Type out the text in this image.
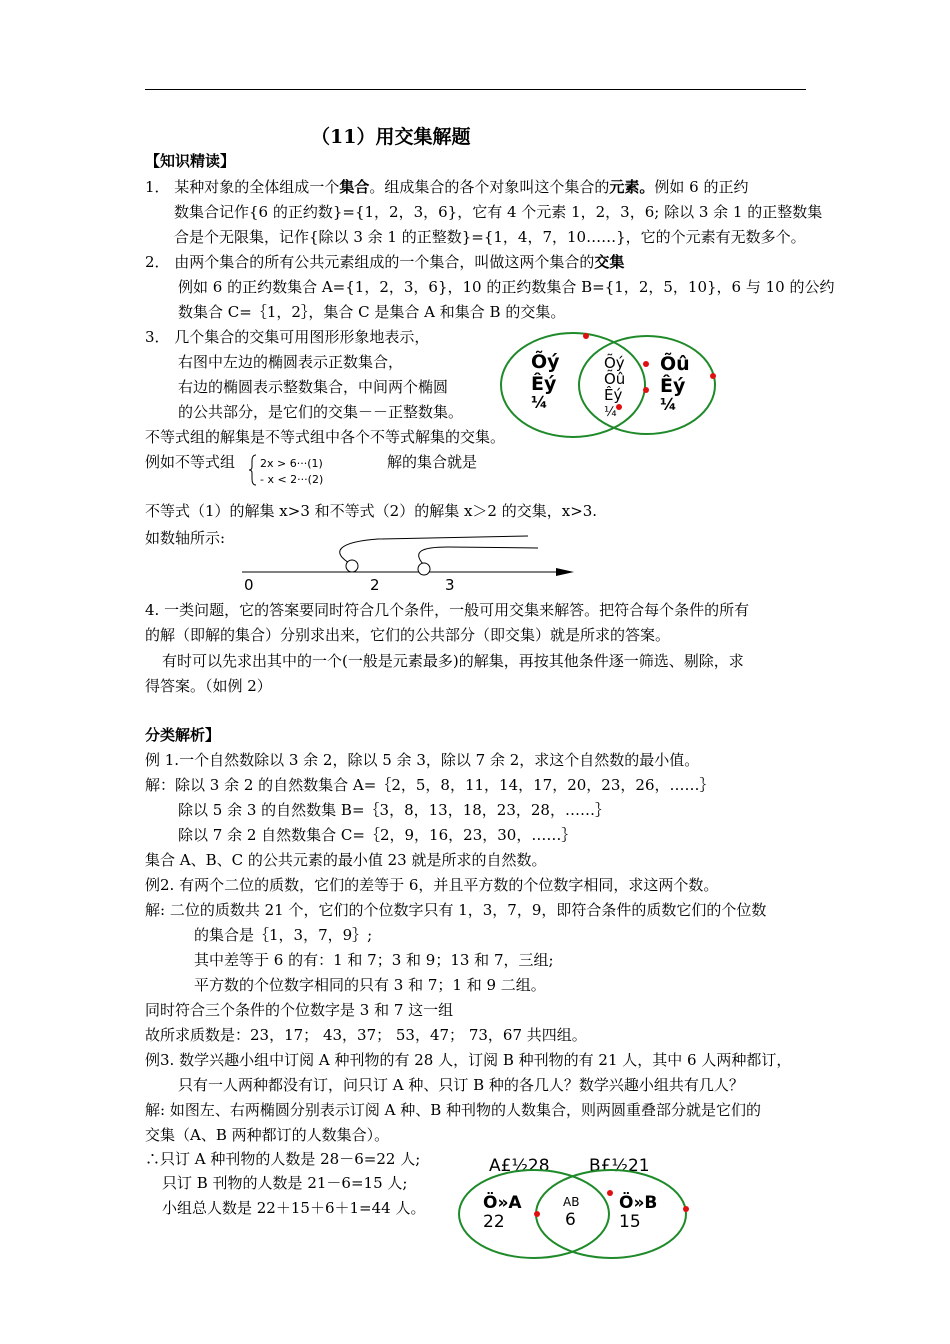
（11）用交集解题
【知识精读】
1． 某种对象的全体组成一个集合。组成集合的各个对象叫这个集合的元素。例如 6 的正约
数集合记作{6 的正约数}={1，2，3，6}，它有 4 个元素 1，2，3，6; 除以 3 余 1 的正整数集
合是个无限集，记作{除以 3 余 1 的正整数}={1，4，7，10……}，它的个元素有无数多个。
2． 由两个集合的所有公共元素组成的一个集合，叫做这两个集合的交集
例如 6 的正约数集合 A={1，2，3，6}，10 的正约数集合 B={1，2，5，10}，6 与 10 的公约
数集合 C=｛1，2｝，集合 C 是集合 A 和集合 B 的交集。
3． 几个集合的交集可用图形形象地表示，
右图中左边的椭圆表示正数集合，
右边的椭圆表示整数集合，中间两个椭圆
的公共部分，是它们的交集－－正整数集。
Õý
Êý
¼
Õý
Õû
Êý
¼
Õû
Êý
¼
不等式组的解集是不等式组中各个不等式解集的交集。
例如不等式组 2x > 6···(1)
- x < 2···(2)
解的集合就是
不等式（1）的解集 x>3 和不等式（2）的解集 x＞2 的交集，x>3.
如数轴所示:
0	2	3
4. 一类问题，它的答案要同时符合几个条件，一般可用交集来解答。把符合每个条件的所有
的解（即解的集合）分别求出来，它们的公共部分（即交集）就是所求的答案。
有时可以先求出其中的一个(一般是元素最多)的解集，再按其他条件逐一筛选、剔除，求
得答案。（如例 2）
分类解析】
例 1.一个自然数除以 3 余 2，除以 5 余 3，除以 7 余 2，求这个自然数的最小值。
解：除以 3 余 2 的自然数集合 A=｛2，5，8，11，14，17，20，23，26，……｝
除以 5 余 3 的自然数集 B=｛3，8，13，18，23，28，……｝
除以 7 余 2 自然数集合 C=｛2，9，16，23，30，……｝
集合 A、B、C 的公共元素的最小值 23 就是所求的自然数。
例2. 有两个二位的质数，它们的差等于 6，并且平方数的个位数字相同，求这两个数。
解: 二位的质数共 21 个，它们的个位数字只有 1，3，7，9，即符合条件的质数它们的个位数
的集合是｛1，3，7，9｝;
其中差等于 6 的有：1 和 7；3 和 9；13 和 7，三组;
平方数的个位数字相同的只有 3 和 7；1 和 9 二组。
同时符合三个条件的个位数字是 3 和 7 这一组
故所求质数是：23，17； 43，37； 53，47； 73，67 共四组。
例3. 数学兴趣小组中订阅 A 种刊物的有 28 人，订阅 B 种刊物的有 21 人，其中 6 人两种都订，
只有一人两种都没有订，问只订 A 种、只订 B 种的各几人？数学兴趣小组共有几人？
解: 如图左、右两椭圆分别表示订阅 A 种、B 种刊物的人数集合，则两圆重叠部分就是它们的
交集（A、B 两种都订的人数集合）。
∴只订 A 种刊物的人数是 28－6=22 人;
只订 B 刊物的人数是 21－6=15 人;
小组总人数是 22＋15＋6＋1=44 人。
A£½28 B£½21
Ö»A
22
AB
6
Ö»B
15
